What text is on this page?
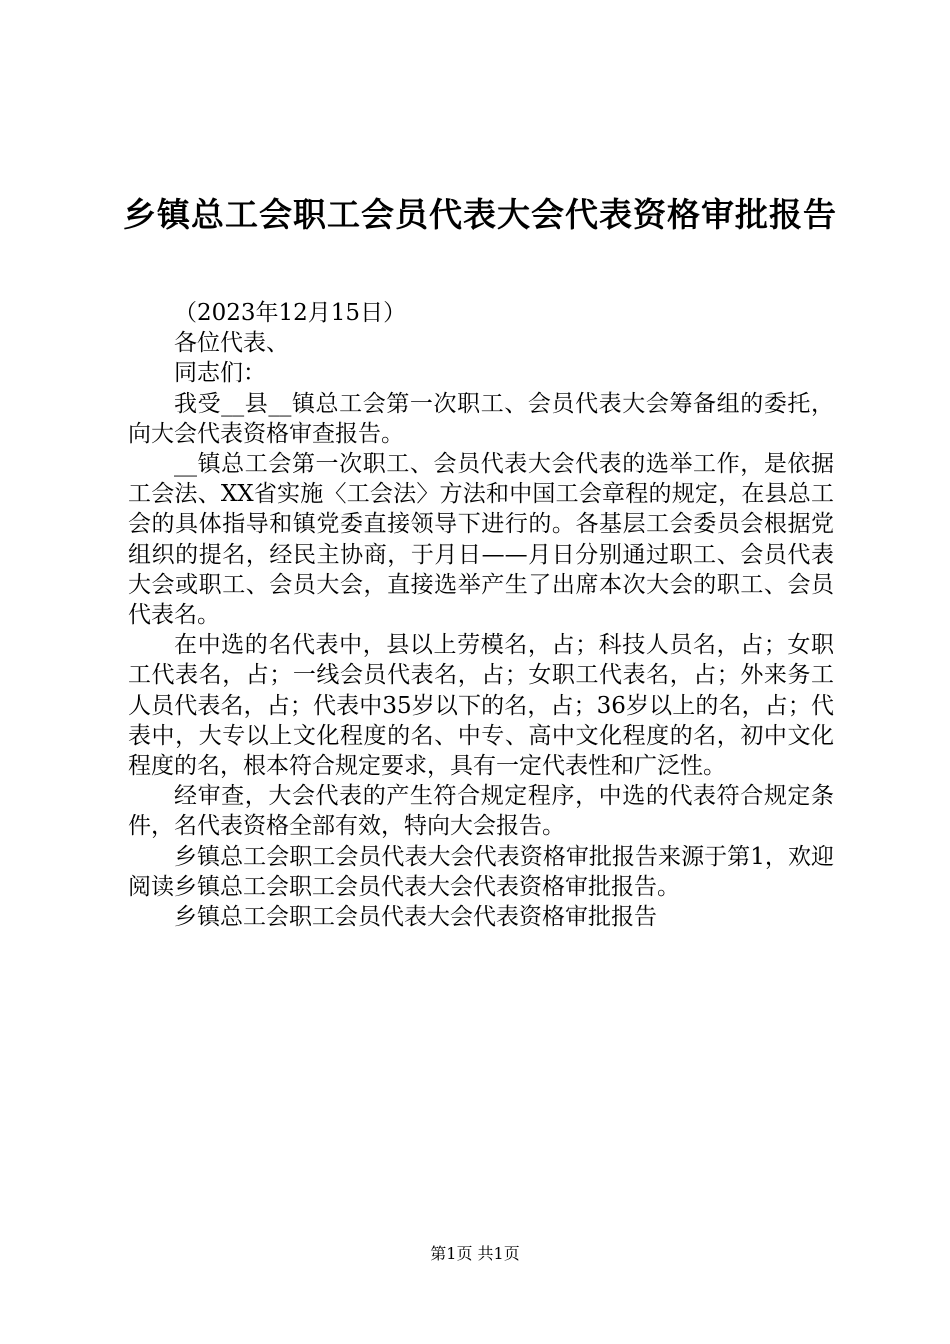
乡镇总工会职工会员代表大会代表资格审批报告

（2023年12月15日）

各位代表、

同志们：

我受__县__镇总工会第一次职工、会员代表大会筹备组的委托，向大会代表资格审查报告。

__镇总工会第一次职工、会员代表大会代表的选举工作，是依据工会法、XX省实施〈工会法〉方法和中国工会章程的规定，在县总工会的具体指导和镇党委直接领导下进行的。各基层工会委员会根据党组织的提名，经民主协商，于月日——月日分别通过职工、会员代表大会或职工、会员大会，直接选举产生了出席本次大会的职工、会员代表名。

在中选的名代表中，县以上劳模名，占；科技人员名，占；女职工代表名，占；一线会员代表名，占；女职工代表名，占；外来务工人员代表名，占；代表中35岁以下的名，占；36岁以上的名，占；代表中，大专以上文化程度的名、中专、高中文化程度的名，初中文化程度的名，根本符合规定要求，具有一定代表性和广泛性。

经审查，大会代表的产生符合规定程序，中选的代表符合规定条件，名代表资格全部有效，特向大会报告。

乡镇总工会职工会员代表大会代表资格审批报告来源于第1，欢迎阅读乡镇总工会职工会员代表大会代表资格审批报告。

乡镇总工会职工会员代表大会代表资格审批报告

第1页 共1页
